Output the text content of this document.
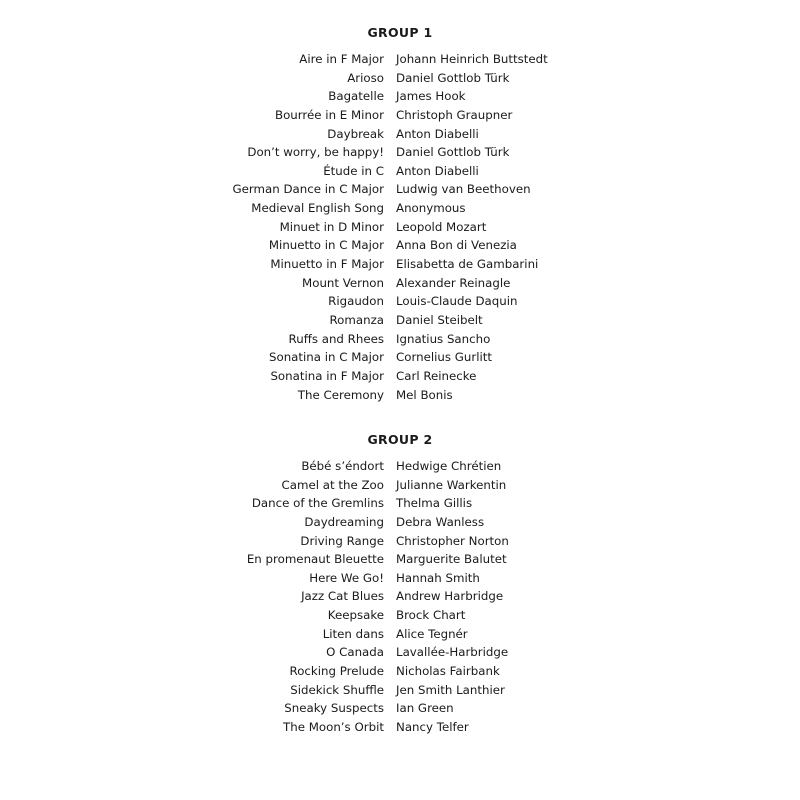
GROUP 1
Aire in F Major	Johann Heinrich Buttstedt
Arioso	Daniel Gottlob Türk
Bagatelle	James Hook
Bourrée in E Minor	Christoph Graupner
Daybreak	Anton Diabelli
Don’t worry, be happy!	Daniel Gottlob Türk
Étude in C	Anton Diabelli
German Dance in C Major	Ludwig van Beethoven
Medieval English Song	Anonymous
Minuet in D Minor	Leopold Mozart
Minuetto in C Major	Anna Bon di Venezia
Minuetto in F Major	Elisabetta de Gambarini
Mount Vernon	Alexander Reinagle
Rigaudon	Louis-Claude Daquin
Romanza	Daniel Steibelt
Ruffs and Rhees	Ignatius Sancho
Sonatina in C Major	Cornelius Gurlitt
Sonatina in F Major	Carl Reinecke
The Ceremony	Mel Bonis
GROUP 2
Bébé s’éndort	Hedwige Chrétien
Camel at the Zoo	Julianne Warkentin
Dance of the Gremlins	Thelma Gillis
Daydreaming	Debra Wanless
Driving Range	Christopher Norton
En promenaut Bleuette	Marguerite Balutet
Here We Go!	Hannah Smith
Jazz Cat Blues	Andrew Harbridge
Keepsake	Brock Chart
Liten dans	Alice Tegnér
O Canada	Lavallée-Harbridge
Rocking Prelude	Nicholas Fairbank
Sidekick Shuffle	Jen Smith Lanthier
Sneaky Suspects	Ian Green
The Moon’s Orbit	Nancy Telfer
